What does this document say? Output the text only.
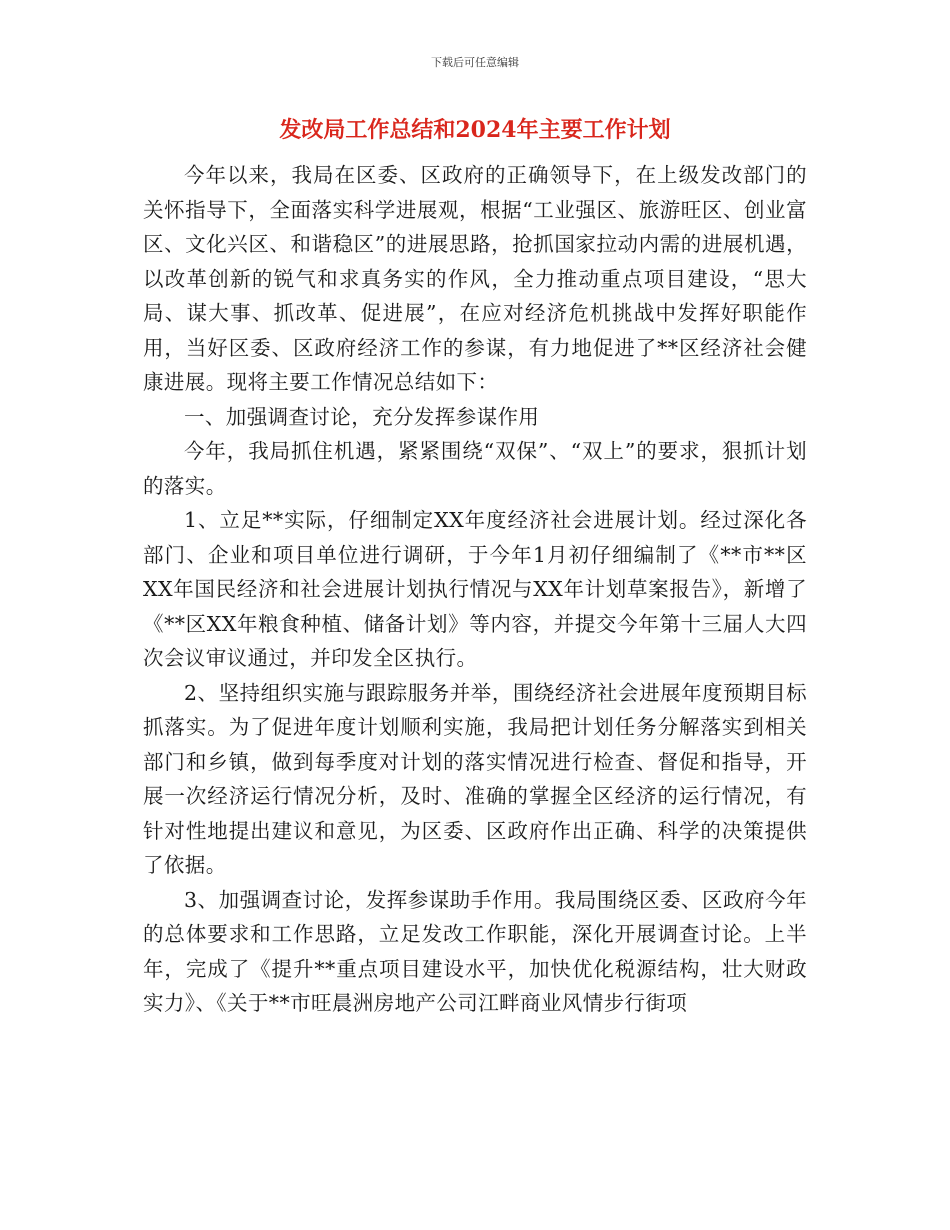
下载后可任意编辑
发改局工作总结和2024年主要工作计划

今年以来，我局在区委、区政府的正确领导下，在上级发改部门的关怀指导下，全面落实科学进展观，根据“工业强区、旅游旺区、创业富区、文化兴区、和谐稳区”的进展思路，抢抓国家拉动内需的进展机遇，以改革创新的锐气和求真务实的作风，全力推动重点项目建设，“思大局、谋大事、抓改革、促进展”，在应对经济危机挑战中发挥好职能作用，当好区委、区政府经济工作的参谋，有力地促进了**区经济社会健康进展。现将主要工作情况总结如下：

一、加强调查讨论，充分发挥参谋作用

今年，我局抓住机遇，紧紧围绕“双保”、“双上”的要求，狠抓计划的落实。

1、立足**实际，仔细制定XX年度经济社会进展计划。经过深化各部门、企业和项目单位进行调研，于今年1月初仔细编制了《**市**区XX年国民经济和社会进展计划执行情况与XX年计划草案报告》，新增了《**区XX年粮食种植、储备计划》等内容，并提交今年第十三届人大四次会议审议通过，并印发全区执行。

2、坚持组织实施与跟踪服务并举，围绕经济社会进展年度预期目标抓落实。为了促进年度计划顺利实施，我局把计划任务分解落实到相关部门和乡镇，做到每季度对计划的落实情况进行检查、督促和指导，开展一次经济运行情况分析，及时、准确的掌握全区经济的运行情况，有针对性地提出建议和意见，为区委、区政府作出正确、科学的决策提供了依据。

3、加强调查讨论，发挥参谋助手作用。我局围绕区委、区政府今年的总体要求和工作思路，立足发改工作职能，深化开展调查讨论。上半年，完成了《提升**重点项目建设水平，加快优化税源结构，壮大财政实力》、《关于**市旺晨洲房地产公司江畔商业风情步行街项
